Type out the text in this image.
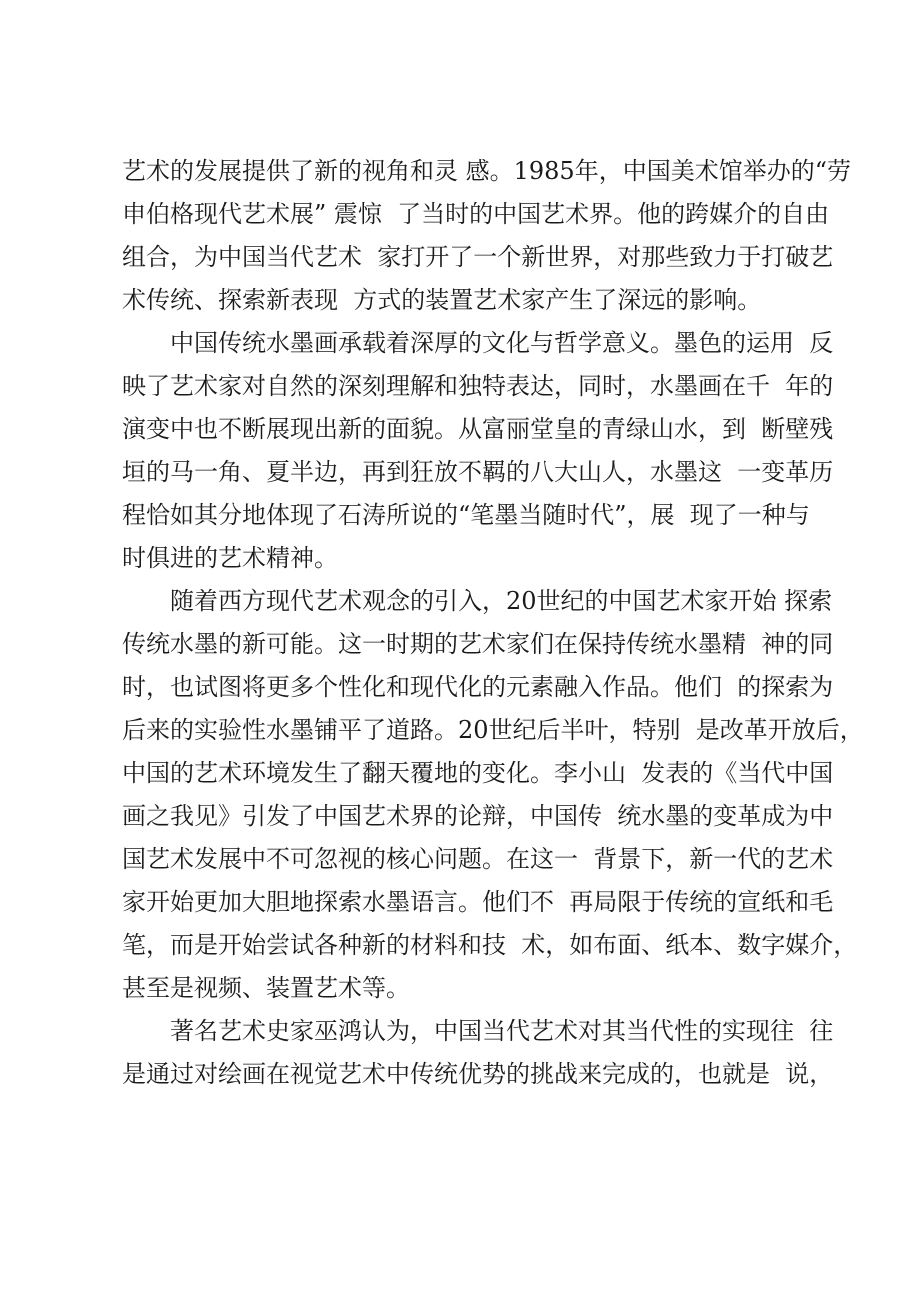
艺术的发展提供了新的视角和灵 感。1985年，中国美术馆举办的“劳
申伯格现代艺术展” 震惊  了当时的中国艺术界。他的跨媒介的自由
组合，为中国当代艺术  家打开了一个新世界，对那些致力于打破艺
术传统、探索新表现  方式的装置艺术家产生了深远的影响。
中国传统水墨画承载着深厚的文化与哲学意义。墨色的运用  反
映了艺术家对自然的深刻理解和独特表达，同时，水墨画在千  年的
演变中也不断展现出新的面貌。从富丽堂皇的青绿山水，到  断壁残
垣的马一角、夏半边，再到狂放不羁的八大山人，水墨这  一变革历
程恰如其分地体现了石涛所说的“笔墨当随时代”，展  现了一种与
时俱进的艺术精神。
随着西方现代艺术观念的引入，20世纪的中国艺术家开始 探索
传统水墨的新可能。这一时期的艺术家们在保持传统水墨精  神的同
时，也试图将更多个性化和现代化的元素融入作品。他们  的探索为
后来的实验性水墨铺平了道路。20世纪后半叶，特别  是改革开放后，
中国的艺术环境发生了翻天覆地的变化。李小山  发表的《当代中国
画之我见》引发了中国艺术界的论辩，中国传  统水墨的变革成为中
国艺术发展中不可忽视的核心问题。在这一  背景下，新一代的艺术
家开始更加大胆地探索水墨语言。他们不  再局限于传统的宣纸和毛
笔，而是开始尝试各种新的材料和技  术，如布面、纸本、数字媒介，
甚至是视频、装置艺术等。
著名艺术史家巫鸿认为，中国当代艺术对其当代性的实现往  往
是通过对绘画在视觉艺术中传统优势的挑战来完成的，也就是  说，
